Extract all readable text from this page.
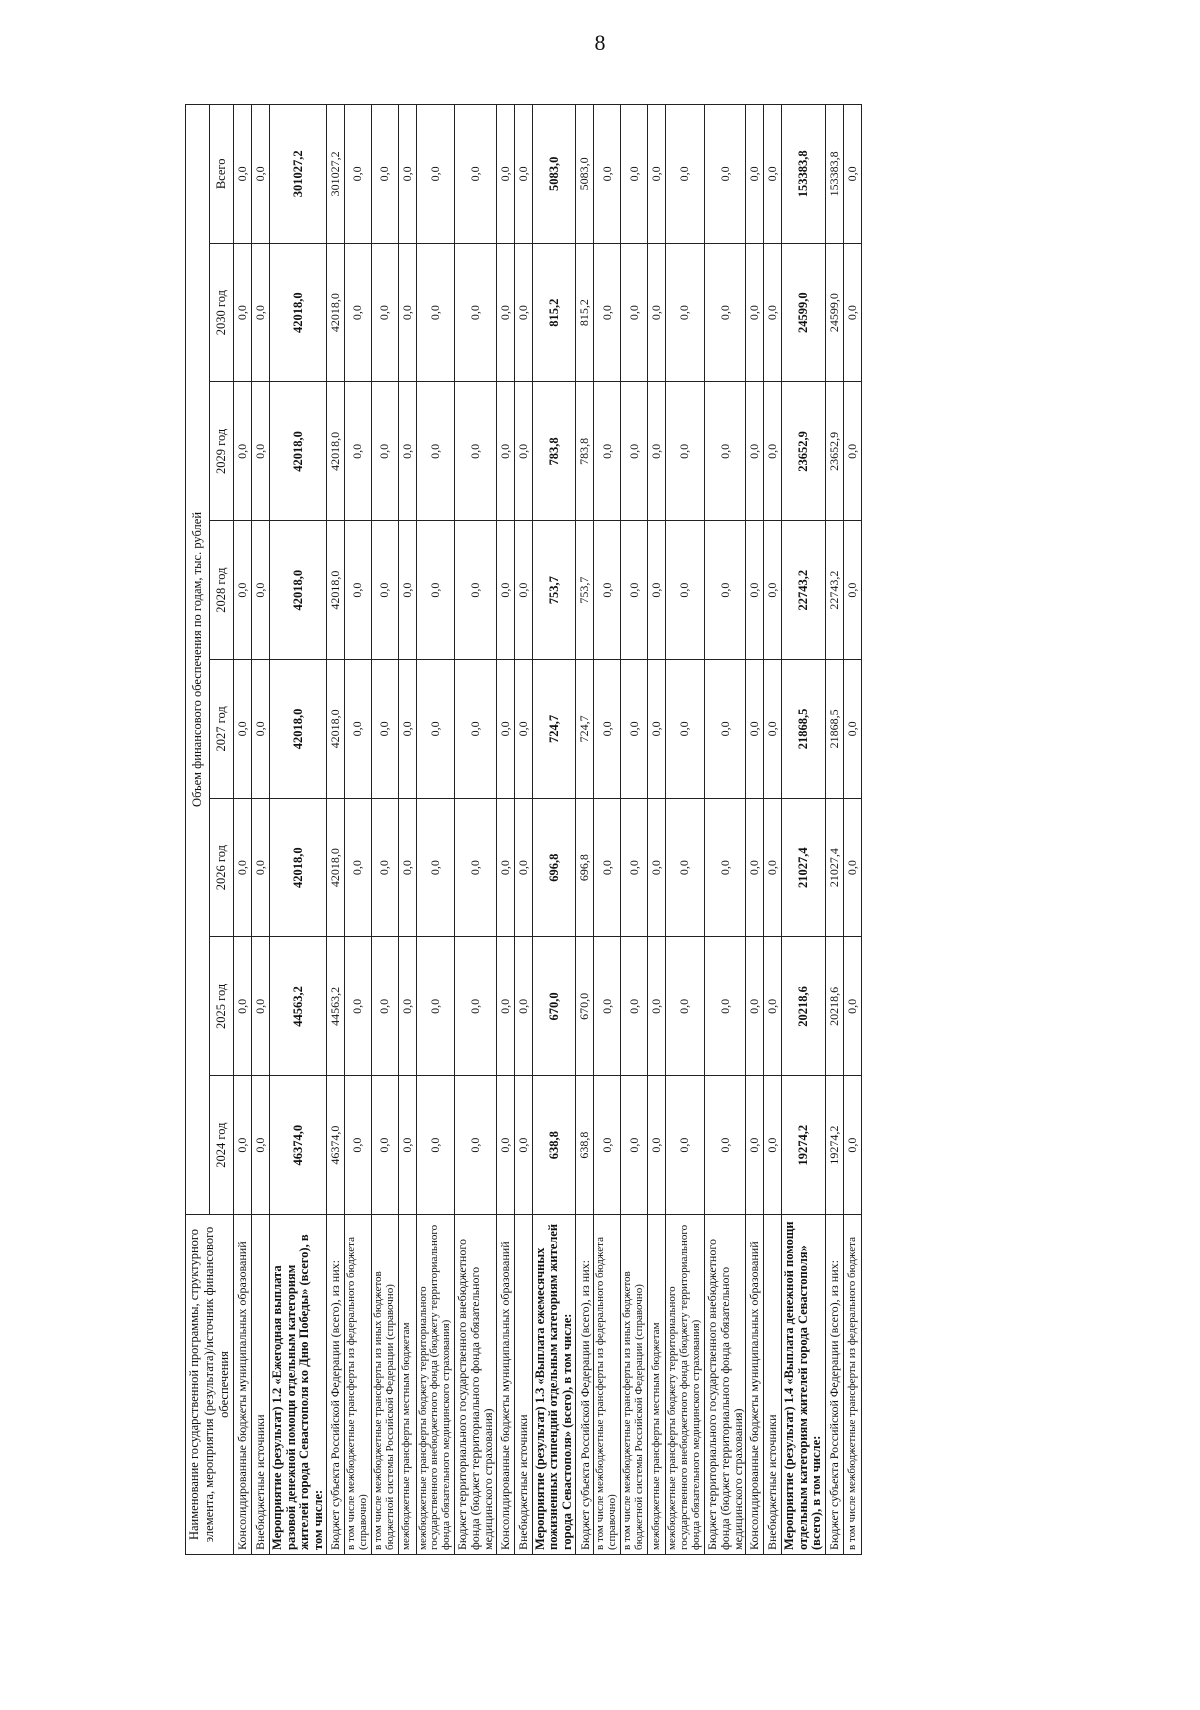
8
Наименование государственной программы, структурного элемента, мероприятия (результата)/источник финансового обеспечения	Объем финансового обеспечения по годам, тыс. рублей							
	2024 год	2025 год	2026 год	2027 год	2028 год	2029 год	2030 год	Всего
Консолидированные бюджеты муниципальных образований	0,0	0,0	0,0	0,0	0,0	0,0	0,0	0,0
Внебюджетные источники	0,0	0,0	0,0	0,0	0,0	0,0	0,0	0,0
Мероприятие (результат) 1.2 «Ежегодная выплата разовой денежной помощи отдельным категориям жителей города Севастополя ко Дню Победы» (всего), в том числе:	46374,0	44563,2	42018,0	42018,0	42018,0	42018,0	42018,0	301027,2
Бюджет субъекта Российской Федерации (всего), из них:	46374,0	44563,2	42018,0	42018,0	42018,0	42018,0	42018,0	301027,2
в том числе межбюджетные трансферты из федерального бюджета (справочно)	0,0	0,0	0,0	0,0	0,0	0,0	0,0	0,0
в том числе межбюджетные трансферты из иных бюджетов бюджетной системы Российской Федерации (справочно)	0,0	0,0	0,0	0,0	0,0	0,0	0,0	0,0
межбюджетные трансферты местным бюджетам	0,0	0,0	0,0	0,0	0,0	0,0	0,0	0,0
межбюджетные трансферты бюджету территориального государственного внебюджетного фонда (бюджету территориального фонда обязательного медицинского страхования)	0,0	0,0	0,0	0,0	0,0	0,0	0,0	0,0
Бюджет территориального государственного внебюджетного фонда (бюджет территориального фонда обязательного медицинского страхования)	0,0	0,0	0,0	0,0	0,0	0,0	0,0	0,0
Консолидированные бюджеты муниципальных образований	0,0	0,0	0,0	0,0	0,0	0,0	0,0	0,0
Внебюджетные источники	0,0	0,0	0,0	0,0	0,0	0,0	0,0	0,0
Мероприятие (результат) 1.3 «Выплата ежемесячных пожизненных стипендий отдельным категориям жителей города Севастополя» (всего), в том числе:	638,8	670,0	696,8	724,7	753,7	783,8	815,2	5083,0
Бюджет субъекта Российской Федерации (всего), из них:	638,8	670,0	696,8	724,7	753,7	783,8	815,2	5083,0
в том числе межбюджетные трансферты из федерального бюджета (справочно)	0,0	0,0	0,0	0,0	0,0	0,0	0,0	0,0
в том числе межбюджетные трансферты из иных бюджетов бюджетной системы Российской Федерации (справочно)	0,0	0,0	0,0	0,0	0,0	0,0	0,0	0,0
межбюджетные трансферты местным бюджетам	0,0	0,0	0,0	0,0	0,0	0,0	0,0	0,0
межбюджетные трансферты бюджету территориального государственного внебюджетного фонда (бюджету территориального фонда обязательного медицинского страхования)	0,0	0,0	0,0	0,0	0,0	0,0	0,0	0,0
Бюджет территориального государственного внебюджетного фонда (бюджет территориального фонда обязательного медицинского страхования)	0,0	0,0	0,0	0,0	0,0	0,0	0,0	0,0
Консолидированные бюджеты муниципальных образований	0,0	0,0	0,0	0,0	0,0	0,0	0,0	0,0
Внебюджетные источники	0,0	0,0	0,0	0,0	0,0	0,0	0,0	0,0
Мероприятие (результат) 1.4 «Выплата денежной помощи отдельным категориям жителей города Севастополя» (всего), в том числе:	19274,2	20218,6	21027,4	21868,5	22743,2	23652,9	24599,0	153383,8
Бюджет субъекта Российской Федерации (всего), из них:	19274,2	20218,6	21027,4	21868,5	22743,2	23652,9	24599,0	153383,8
в том числе межбюджетные трансферты из федерального бюджета	0,0	0,0	0,0	0,0	0,0	0,0	0,0	0,0
